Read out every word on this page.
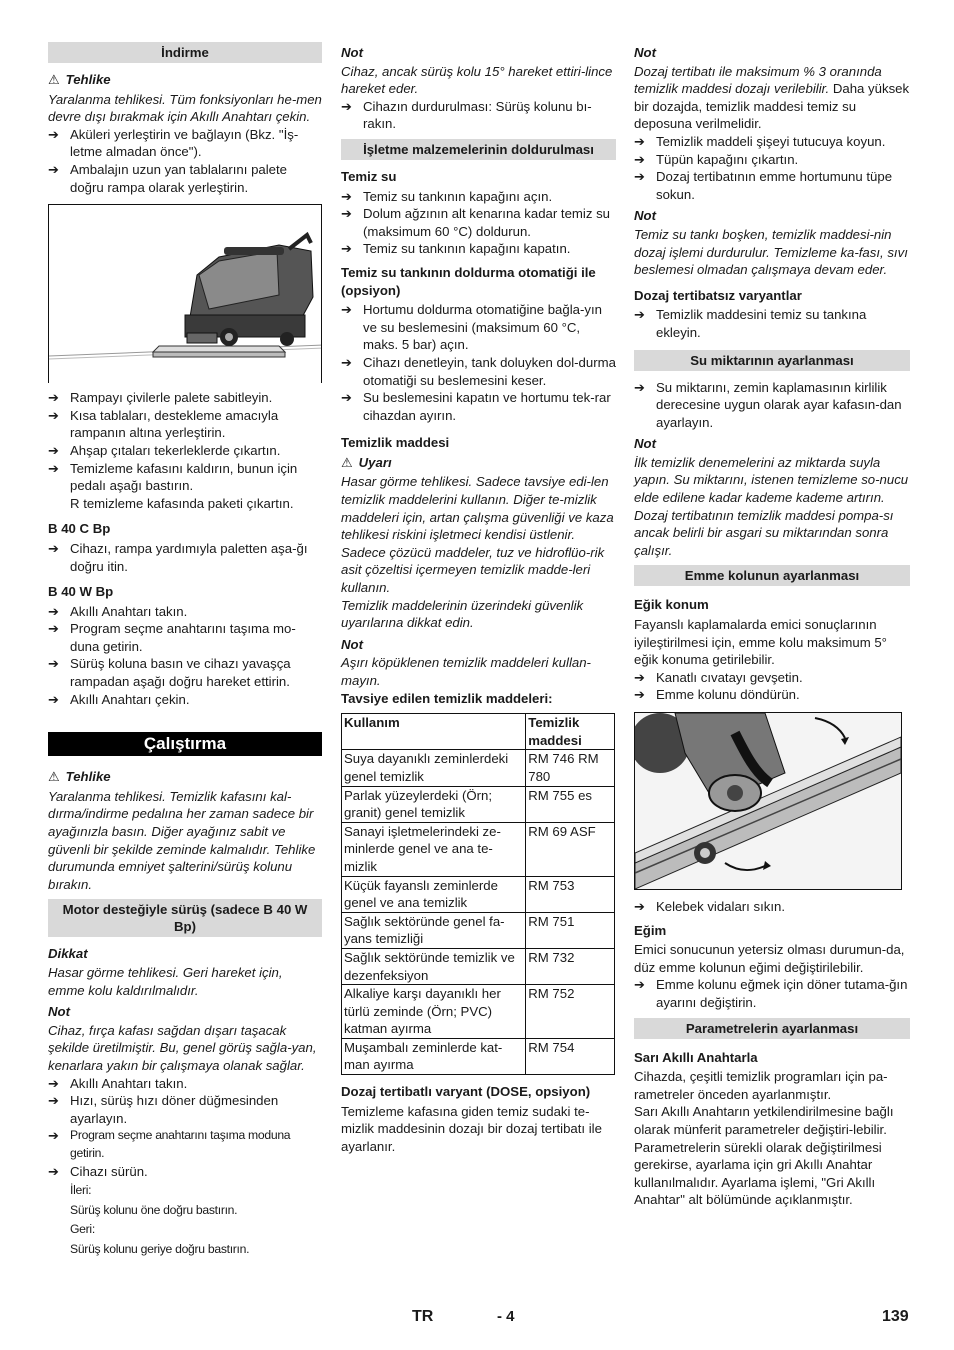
İndirme

⚠ Tehlike

Yaralanma tehlikesi. Tüm fonksiyonları he-men devre dışı bırakmak için Akıllı Anahtarı çekin.

➔ Aküleri yerleştirin ve bağlayın (Bkz. "İş-letme almadan önce").

➔ Ambalajın uzun yan tablalarını palete doğru rampa olarak yerleştirin.

➔ Rampayı çivilerle palete sabitleyin.

➔ Kısa tablaları, destekleme amacıyla rampanın altına yerleştirin.

➔ Ahşap çıtaları tekerleklerde çıkartın.

➔ Temizleme kafasını kaldırın, bunun için pedalı aşağı bastırın.

R temizleme kafasında paketi çıkartın.

B 40 C Bp

➔ Cihazı, rampa yardımıyla paletten aşa-ğı doğru itin.

B 40 W Bp

➔ Akıllı Anahtarı takın.

➔ Program seçme anahtarını taşıma mo-duna getirin.

➔ Sürüş koluna basın ve cihazı yavaşça rampadan aşağı doğru hareket ettirin.

➔ Akıllı Anahtarı çekin.

Çalıştırma

⚠ Tehlike

Yaralanma tehlikesi. Temizlik kafasını kal-dırma/indirme pedalına her zaman sadece bir ayağınızla basın. Diğer ayağınız sabit ve güvenli bir şekilde zeminde kalmalıdır. Tehlike durumunda emniyet şalterini/sürüş kolunu bırakın.

Motor desteğiyle sürüş (sadece B 40 W Bp)

Dikkat

Hasar görme tehlikesi. Geri hareket için, emme kolu kaldırılmalıdır.

Not

Cihaz, fırça kafası sağdan dışarı taşacak şekilde üretilmiştir. Bu, genel görüş sağla-yan, kenarlara yakın bir çalışmaya olanak sağlar.

➔ Akıllı Anahtarı takın.

➔ Hızı, sürüş hızı döner düğmesinden ayarlayın.

➔ Program seçme anahtarını taşıma moduna getirin.

➔ Cihazı sürün.

İleri:

Sürüş kolunu öne doğru bastırın.

Geri:

Sürüş kolunu geriye doğru bastırın.

Not

Cihaz, ancak sürüş kolu 15° hareket ettiri-lince hareket eder.

➔ Cihazın durdurulması: Sürüş kolunu bı-rakın.

İşletme malzemelerinin doldurulması

Temiz su

➔ Temiz su tankının kapağını açın.

➔ Dolum ağzının alt kenarına kadar temiz su (maksimum 60 °C) doldurun.

➔ Temiz su tankının kapağını kapatın.

Temiz su tankının doldurma otomatiği ile (opsiyon)

➔ Hortumu doldurma otomatiğine bağla-yın ve su beslemesini (maksimum 60 °C, maks. 5 bar) açın.

➔ Cihazı denetleyin, tank doluyken dol-durma otomatiği su beslemesini keser.

➔ Su beslemesini kapatın ve hortumu tek-rar cihazdan ayırın.

Temizlik maddesi

⚠ Uyarı

Hasar görme tehlikesi. Sadece tavsiye edi-len temizlik maddelerini kullanın. Diğer te-mizlik maddeleri için, artan çalışma güvenliği ve kaza tehlikesi riskini işletmeci kendisi üstlenir.

Sadece çözücü maddeler, tuz ve hidroflüo-rik asit çözeltisi içermeyen temizlik madde-leri kullanın.

Temizlik maddelerinin üzerindeki güvenlik uyarılarına dikkat edin.

Not

Aşırı köpüklenen temizlik maddeleri kullan-mayın.

Tavsiye edilen temizlik maddeleri:

Kullanım	Temizlik maddesi
Suya dayanıklı zeminlerdeki genel temizlik	RM 746 RM 780
Parlak yüzeylerdeki (Örn; granit) genel temizlik	RM 755 es
Sanayi işletmelerindeki ze-minlerde genel ve ana te-mizlik	RM 69 ASF
Küçük fayanslı zeminlerde genel ve ana temizlik	RM 753
Sağlık sektöründe genel fa-yans temizliği	RM 751
Sağlık sektöründe temizlik ve dezenfeksiyon	RM 732
Alkaliye karşı dayanıklı her türlü zeminde (Örn; PVC) katman ayırma	RM 752
Muşambalı zeminlerde kat-man ayırma	RM 754

Dozaj tertibatlı varyant (DOSE, opsiyon)

Temizleme kafasına giden temiz sudaki te-mizlik maddesinin dozajı bir dozaj tertibatı ile ayarlanır.

Not

Dozaj tertibatı ile maksimum % 3 oranında temizlik maddesi dozajı verilebilir. Daha yüksek bir dozajda, temizlik maddesi temiz su deposuna verilmelidir.

➔ Temizlik maddeli şişeyi tutucuya koyun.

➔ Tüpün kapağını çıkartın.

➔ Dozaj tertibatının emme hortumunu tüpe sokun.

Not

Temiz su tankı boşken, temizlik maddesi-nin dozaj işlemi durdurulur. Temizleme ka-fası, sıvı beslemesi olmadan çalışmaya devam eder.

Dozaj tertibatsız varyantlar

➔ Temizlik maddesini temiz su tankına ekleyin.

Su miktarının ayarlanması

➔ Su miktarını, zemin kaplamasının kirlilik derecesine uygun olarak ayar kafasın-dan ayarlayın.

Not

İlk temizlik denemelerini az miktarda suyla yapın. Su miktarını, istenen temizleme so-nucu elde edilene kadar kademe kademe artırın.

Dozaj tertibatının temizlik maddesi pompa-sı ancak belirli bir asgari su miktarından sonra çalışır.

Emme kolunun ayarlanması

Eğik konum

Fayanslı kaplamalarda emici sonuçlarının iyileştirilmesi için, emme kolu maksimum 5° eğik konuma getirilebilir.

➔ Kanatlı cıvatayı gevşetin.

➔ Emme kolunu döndürün.

➔ Kelebek vidaları sıkın.

Eğim

Emici sonucunun yetersiz olması durumun-da, düz emme kolunun eğimi değiştirilebilir.

➔ Emme kolunu eğmek için döner tutama-ğın ayarını değiştirin.

Parametrelerin ayarlanması

Sarı Akıllı Anahtarla

Cihazda, çeşitli temizlik programları için pa-rametreler önceden ayarlanmıştır.

Sarı Akıllı Anahtarın yetkilendirilmesine bağlı olarak münferit parametreler değiştiri-lebilir.

Parametrelerin sürekli olarak değiştirilmesi gerekirse, ayarlama için gri Akıllı Anahtar kullanılmalıdır. Ayarlama işlemi, "Gri Akıllı Anahtar" alt bölümünde açıklanmıştır.

TR	- 4	139
